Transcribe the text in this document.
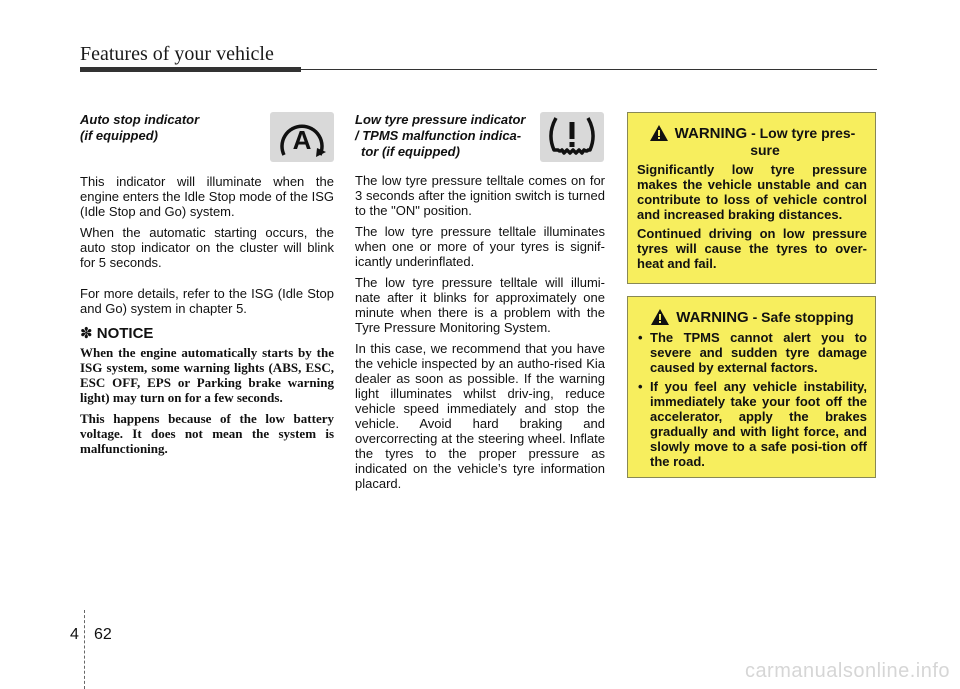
Features of your vehicle
A
Auto stop indicator
(if equipped)

This indicator will illuminate when the engine enters the Idle Stop mode of the ISG (Idle Stop and Go) system.

When the automatic starting occurs, the auto stop indicator on the cluster will blink for 5 seconds.

For more details, refer to the ISG (Idle Stop and Go) system in chapter 5.

✽ NOTICE

When the engine automatically starts by the ISG system, some warning lights (ABS, ESC, ESC OFF, EPS or Parking brake warning light) may turn on for a few seconds.

This happens because of the low battery voltage. It does not mean the system is malfunctioning.

Low tyre pressure indicator
/ TPMS malfunction indica-
tor (if equipped)

The low tyre pressure telltale comes on for 3 seconds after the ignition switch is turned to the "ON" position.

The low tyre pressure telltale illuminates when one or more of your tyres is signif-icantly underinflated.

The low tyre pressure telltale will illumi-nate after it blinks for approximately one minute when there is a problem with the Tyre Pressure Monitoring System.

In this case, we recommend that you have the vehicle inspected by an autho-rised Kia dealer as soon as possible. If the warning light illuminates whilst driv-ing, reduce vehicle speed immediately and stop the vehicle. Avoid hard braking and overcorrecting at the steering wheel. Inflate the tyres to the proper pressure as indicated on the vehicle’s tyre information placard.

WARNING - Low tyre pres-
sure

Significantly low tyre pressure makes the vehicle unstable and can contribute to loss of vehicle control and increased braking distances.

Continued driving on low pressure tyres will cause the tyres to over-heat and fail.

WARNING - Safe stopping
• The TPMS cannot alert you to severe and sudden tyre damage caused by external factors.
• If you feel any vehicle instability, immediately take your foot off the accelerator, apply the brakes gradually and with light force, and slowly move to a safe posi-tion off the road.
4 62
carmanualsonline.info
